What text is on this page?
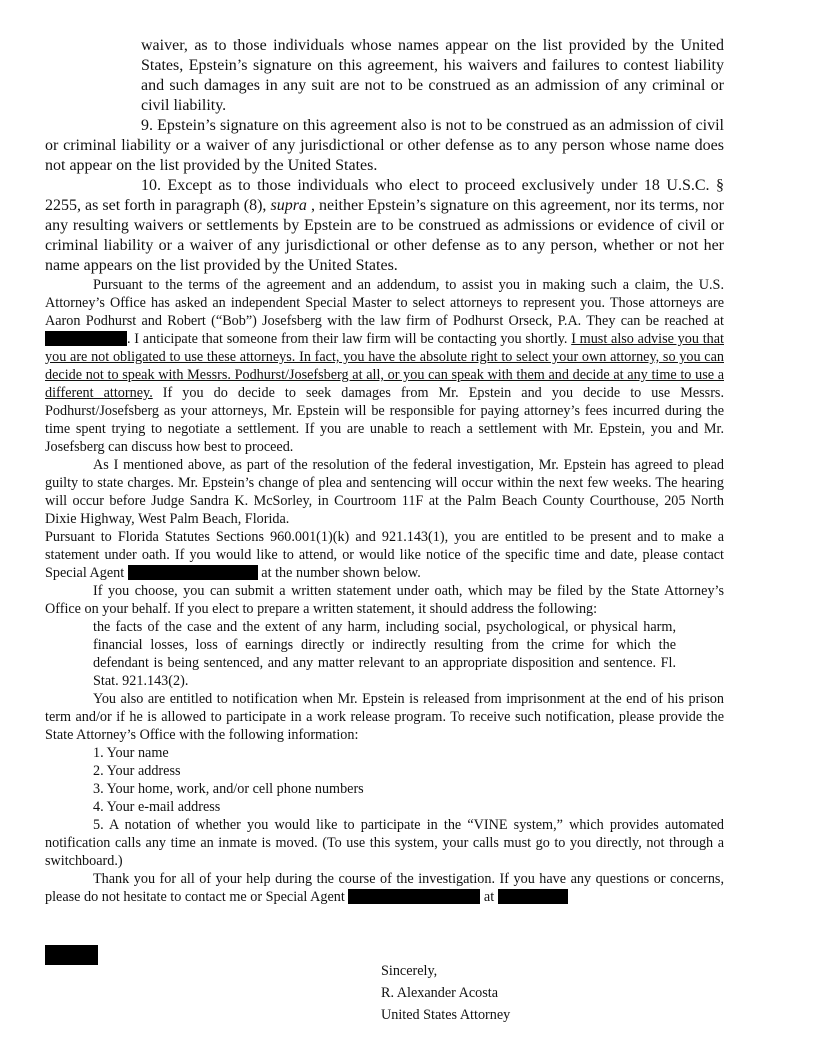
waiver, as to those individuals whose names appear on the list provided by the United States, Epstein’s signature on this agreement, his waivers and failures to contest liability and such damages in any suit are not to be construed as an admission of any criminal or civil liability.

9. Epstein’s signature on this agreement also is not to be construed as an admission of civil or criminal liability or a waiver of any jurisdictional or other defense as to any person whose name does not appear on the list provided by the United States.

10. Except as to those individuals who elect to proceed exclusively under 18 U.S.C. § 2255, as set forth in paragraph (8), supra , neither Epstein’s signature on this agreement, nor its terms, nor any resulting waivers or settlements by Epstein are to be construed as admissions or evidence of civil or criminal liability or a waiver of any jurisdictional or other defense as to any person, whether or not her name appears on the list provided by the United States.

Pursuant to the terms of the agreement and an addendum, to assist you in making such a claim, the U.S. Attorney’s Office has asked an independent Special Master to select attorneys to represent you. Those attorneys are Aaron Podhurst and Robert (“Bob”) Josefsberg with the law firm of Podhurst Orseck, P.A. They can be reached at . I anticipate that someone from their law firm will be contacting you shortly. I must also advise you that you are not obligated to use these attorneys. In fact, you have the absolute right to select your own attorney, so you can decide not to speak with Messrs. Podhurst/Josefsberg at all, or you can speak with them and decide at any time to use a different attorney. If you do decide to seek damages from Mr. Epstein and you decide to use Messrs. Podhurst/Josefsberg as your attorneys, Mr. Epstein will be responsible for paying attorney’s fees incurred during the time spent trying to negotiate a settlement. If you are unable to reach a settlement with Mr. Epstein, you and Mr. Josefsberg can discuss how best to proceed.

As I mentioned above, as part of the resolution of the federal investigation, Mr. Epstein has agreed to plead guilty to state charges. Mr. Epstein’s change of plea and sentencing will occur within the next few weeks. The hearing will occur before Judge Sandra K. McSorley, in Courtroom 11F at the Palm Beach County Courthouse, 205 North Dixie Highway, West Palm Beach, Florida.

Pursuant to Florida Statutes Sections 960.001(1)(k) and 921.143(1), you are entitled to be present and to make a statement under oath. If you would like to attend, or would like notice of the specific time and date, please contact Special Agent	at the number shown below.

If you choose, you can submit a written statement under oath, which may be filed by the State Attorney’s Office on your behalf. If you elect to prepare a written statement, it should address the following:

the facts of the case and the extent of any harm, including social, psychological, or physical harm, financial losses, loss of earnings directly or indirectly resulting from the crime for which the defendant is being sentenced, and any matter relevant to an appropriate disposition and sentence. Fl. Stat. 921.143(2).

You also are entitled to notification when Mr. Epstein is released from imprisonment at the end of his prison term and/or if he is allowed to participate in a work release program. To receive such notification, please provide the State Attorney’s Office with the following information:

1. Your name

2. Your address

3. Your home, work, and/or cell phone numbers

4. Your e-mail address

5. A notation of whether you would like to participate in the “VINE system,” which provides automated notification calls any time an inmate is moved. (To use this system, your calls must go to you directly, not through a switchboard.)

Thank you for all of your help during the course of the investigation. If you have any questions or concerns, please do not hesitate to contact me or Special Agent	at

Sincerely,
R. Alexander Acosta
United States Attorney
